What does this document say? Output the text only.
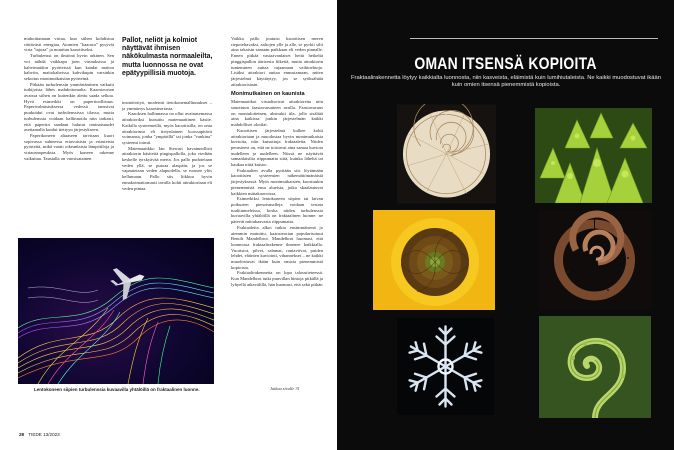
muhoittamaan virtaa, kun siihen kohdistuu riittävästi energiaa. Atomien "kaaosta" pysyvät virta "tajoaa" ja muuttuu kaoottiseksi.

Turbulenssi on ilmiönä hyvin arkinen. Sen voi nähdä vaikkapa joen virtauksissa ja kahvimaidon pyörteissä kun kaadat maitoa kahviin, maitokahvissa kahvikupin varsinkin sekoitus monimutkaisina pyörteinä.

Pitkään turbulenssin ymmärtäminen vaikutti tutkijoista lähes mahdottomalta. Kaaosteorian avaissa siihen on kuitenkin alettu saada selkoa. Hyvä esimerkki on paperitoollisuus. Paperivalmistuksessa vedessä tanssivat puukuidut ovat turbulenssissa tilassa, mutta turbulenssia voidaan hallinnoida niin tarkasti, että paperiin saadaan halutut ominaisuudet asettamalla kuidut tiettyyn järjestykseen.

Paperikoneen altaaseen tarvitaan kuori sopivassa suhteessa ertavuisista ja eriasteista pyörteitä, mikä vaatii oikeanlaisia lämpötiloja ja virtausnopeuksia. Myös koneen rakenne vaikuttaa. Taustalla on vuosisatainen

Pallot, neliöt ja kolmiot näyttävät ihmisen näkökulmasta normaaleilta, mutta luonnossa ne ovat epätyypillisiä muotoja.

insinöörityö, modernit tietokonemallinnukset – ja ymmärrys kaaosteoriasta.

Kaaoksen hallinnassa on ollut avainasemassa attraktoriksi kutsuttu matemaattinen käsite. Kaikilla systeemeillä, myös kaoottisilla, on oma attraktorinsa eli tietynlainen koossapitävä voimansa, jonka "ympärillä" tai jonka "vankina" systeemi toimii.

Matemaatikko Ian Stewart havainnollisti attraktorin käsitettä pingispallolla, joka viedään keskelle tyrskyävää merta. Jos pallo pudotetaan veden yllä, se putoaa alaspäin, ja jos se vapautetaan veden alapuolella, se nousee ylös kellumaan. Pallo siis liikkuu hyvin ennakoimattomasti tavalla kohti attraktoriaan eli veden pintaa.

Vaikka pallo joutuisi kaoottisen meren riepoteltavaksi, aaltojen ylle ja alle, se pyrkii silti aina takaisin samaan paikkaan eli veden pinnalle. Ennen pitkää vastaavanlaiset heitä heikeltä pinggispallon äärisesta liikettä, mutta attraktorin tunteminen auttaa rajaamaan vaihtoehtoja. Lisäksi attraktori auttaa ennustamaan, miten järjestelmä käyttäytyy, jos se syöksähtää attraktoristaan.

Monimutkainen on kaunista

Matemaatikot visualisoivat attraktoreita niin sanottuun faasiavaruuteen avulla. Faasiavaruus on moniulotteinen, abstrakti tila, jolla sisältää aina kaikissa jonkin järjestelmän kaikki mahdolliset olotilat.

Kaoottisen järjestelmä kulkee kohti attraktoriaan ja muodostaa hyvin monimutkaisia kuvioita, niin kutsuttuja fraktaaleita. Niiden perusteesi on, että ne toistavat aina samaa kuviota uudelleen ja uudelleen. Niissä ne näyttävät samanlaisilta riippumatta siitä, kuinka läheltä tai kaukaa niitä katsoo.

Fraktaalien avulla pyritään siis löytämään kaoottisten systeemien näkemättömänäistä järjestyksessä. Myös monimutkaisten, koostuukin pienemmistä ensa alueista, jotka skaalautuvat kaikkien mittakaavoissa.

Esimerkiksi lentokoneen siipien tai laivan potkurien pienoismalleja voidaan testata tuulitunneleissa, koska niiden turbulenssia kuvaavilla yhtälöillä on fraktaalinen luonne: ne pätevät mittakaavasta riippumatta.

Fraktaaleita alkoi tutkia ensimmäisenä jo aiemmin mainittu, kaaosteorian popularisoinut Benoît Mandelbrot. Mandelbrot huomasi, että luonnossa fraktaalirakenne ilmenee kaikkialla. Vuoristot, pilvet, salamat, rantaviivat, puiden lehdet, eläinten kuviointi, vihannekset – ne kaikki muodostuvat ikään kuin omista pienemmistä kopioista.

Fraktaalirakennetta on lopa taloustieteessä. Kun Mandelbrot tutki puuvillan hintoja pitkällä ja lyhyellä aikavälillä, hän huomasi, että sekä pitkän

Lentokoneen siipien turbulenssia kuvaavilla yhtälöillä on fraktaalinen luonne.	Jatkuu sivulle 31
28 TIEDE 13/2023
OMAN ITSENSÄ KOPIOITA
Fraktaalirakennetta löytyy kaikkialta luonnosta, niin kasveista, eläimistä kuin lumihiutaleista. Ne kaikki muodostuvat ikään kuin omien itsensä pienemmistä kopioista.
